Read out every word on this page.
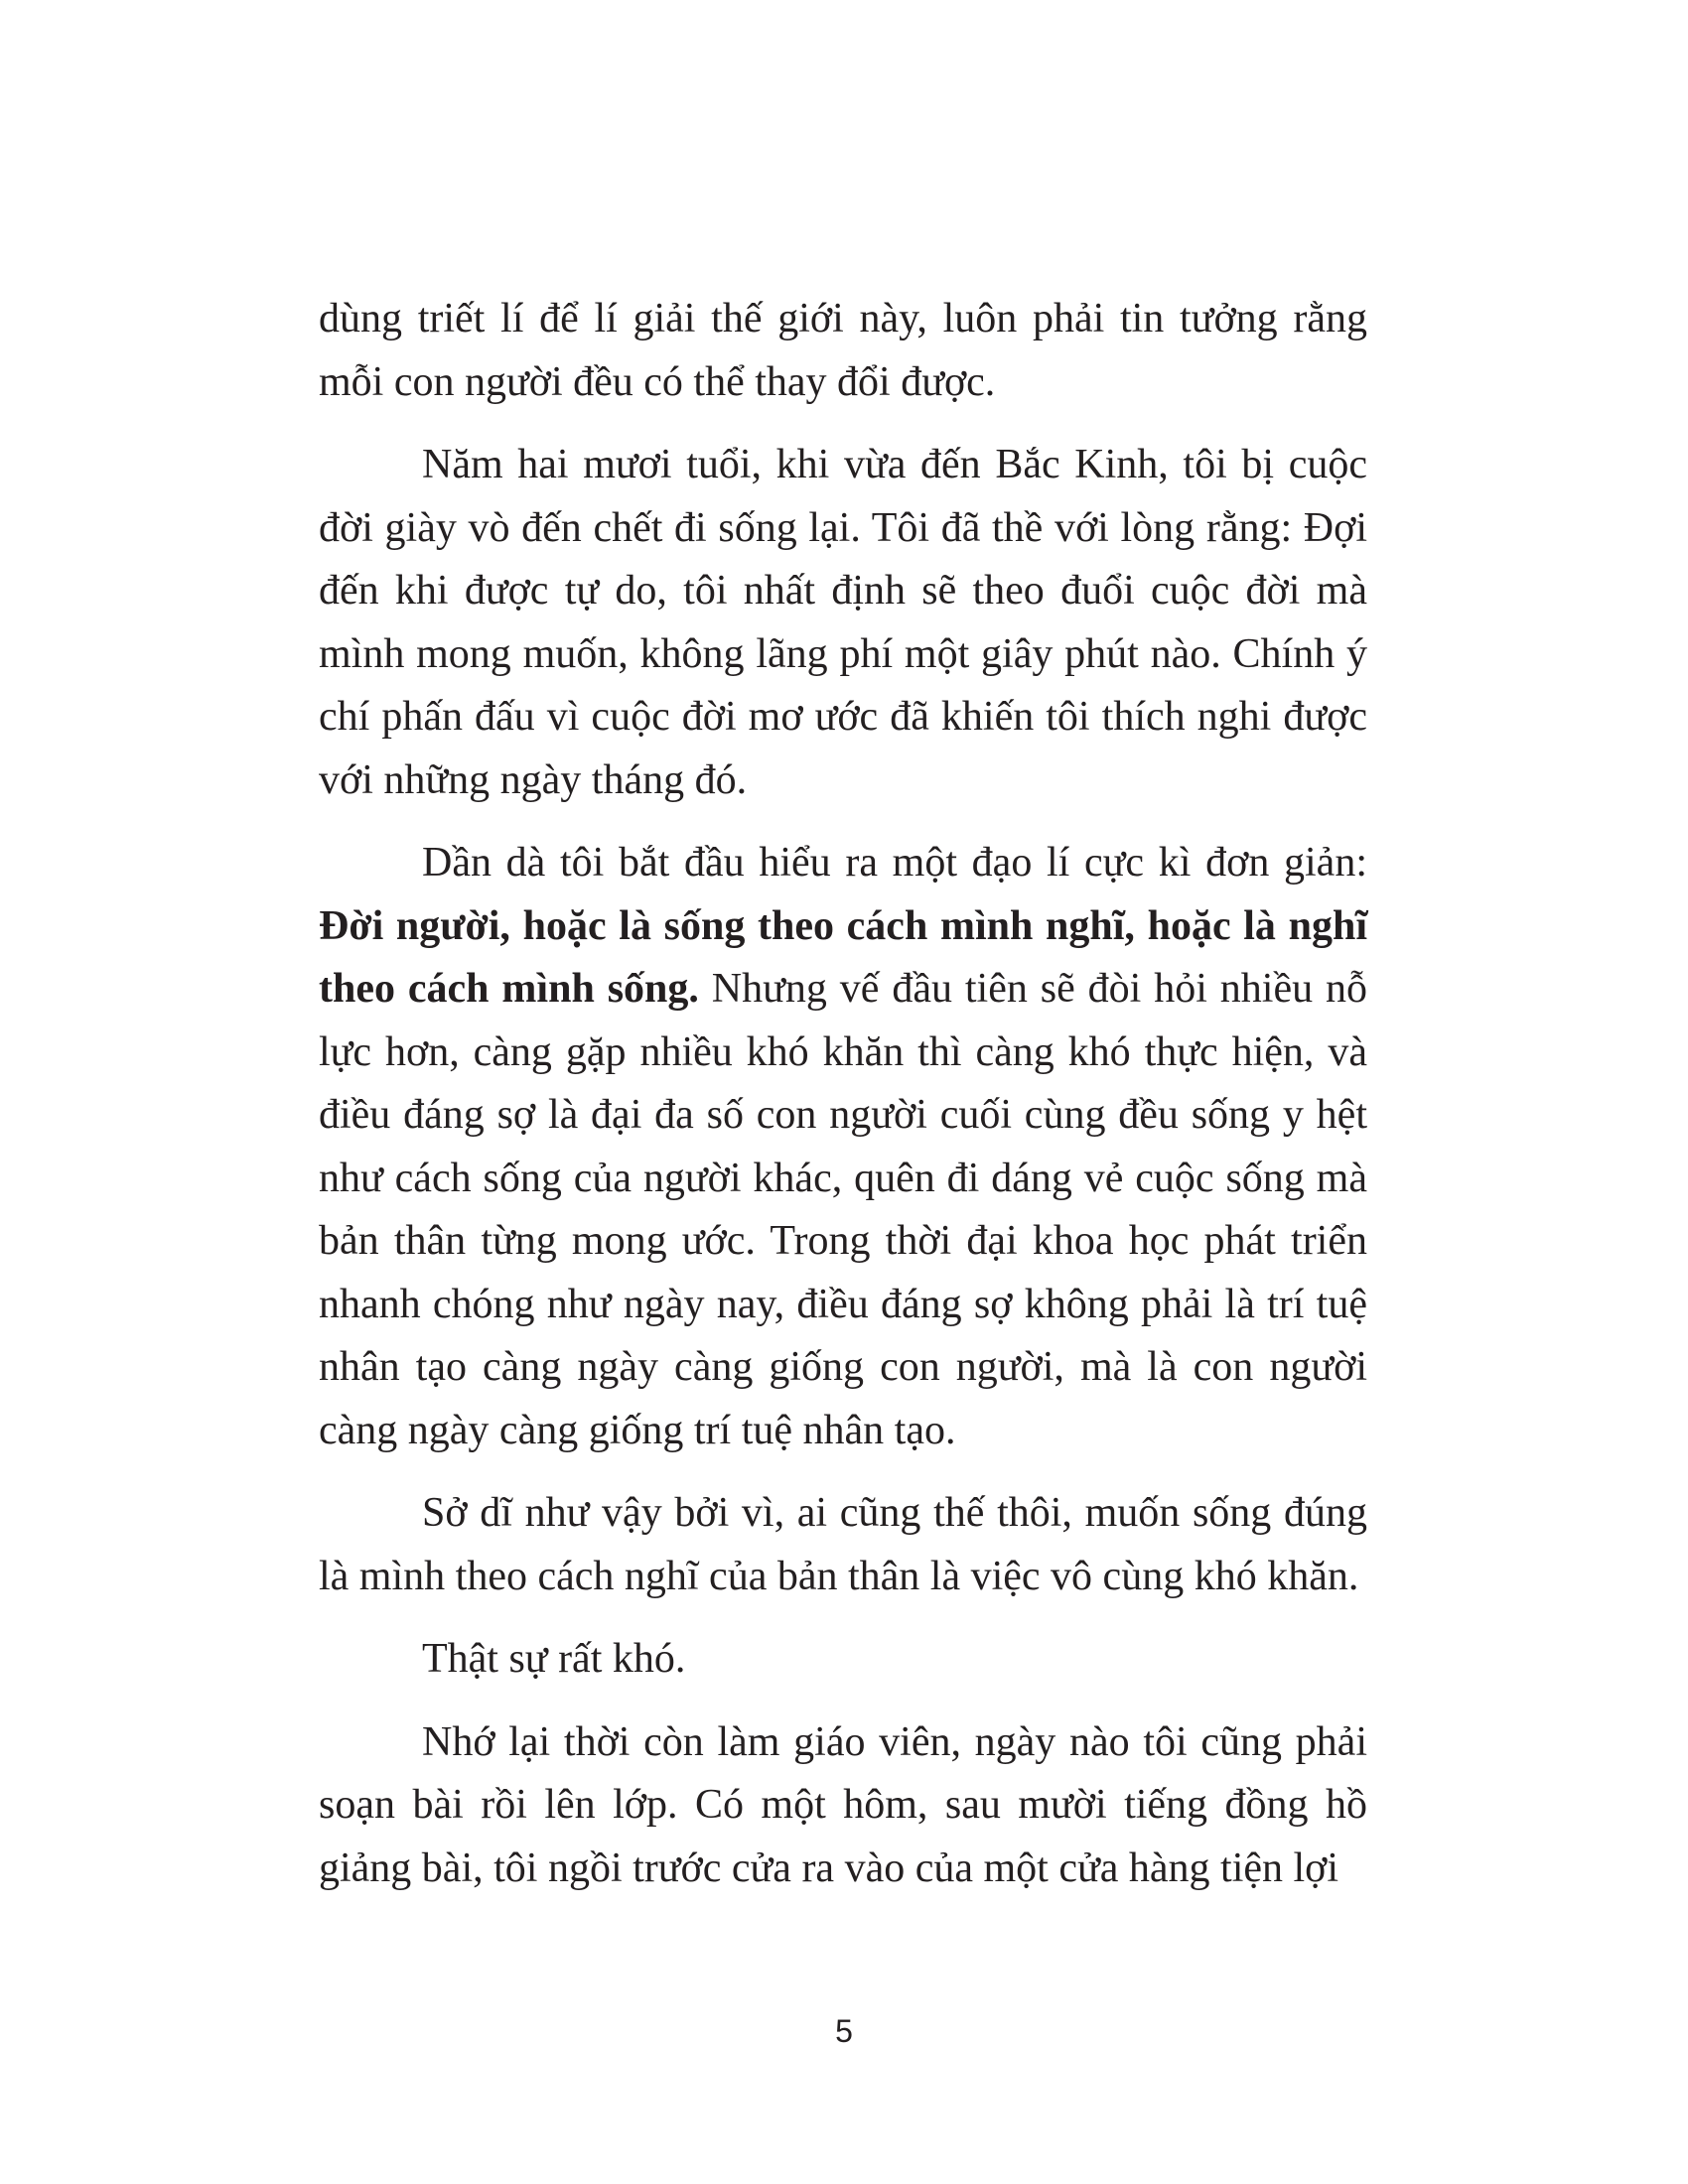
dùng triết lí để lí giải thế giới này, luôn phải tin tưởng rằng mỗi con người đều có thể thay đổi được.

Năm hai mươi tuổi, khi vừa đến Bắc Kinh, tôi bị cuộc đời giày vò đến chết đi sống lại. Tôi đã thề với lòng rằng: Đợi đến khi được tự do, tôi nhất định sẽ theo đuổi cuộc đời mà mình mong muốn, không lãng phí một giây phút nào. Chính ý chí phấn đấu vì cuộc đời mơ ước đã khiến tôi thích nghi được với những ngày tháng đó.

Dần dà tôi bắt đầu hiểu ra một đạo lí cực kì đơn giản: Đời người, hoặc là sống theo cách mình nghĩ, hoặc là nghĩ theo cách mình sống. Nhưng vế đầu tiên sẽ đòi hỏi nhiều nỗ lực hơn, càng gặp nhiều khó khăn thì càng khó thực hiện, và điều đáng sợ là đại đa số con người cuối cùng đều sống y hệt như cách sống của người khác, quên đi dáng vẻ cuộc sống mà bản thân từng mong ước. Trong thời đại khoa học phát triển nhanh chóng như ngày nay, điều đáng sợ không phải là trí tuệ nhân tạo càng ngày càng giống con người, mà là con người càng ngày càng giống trí tuệ nhân tạo.

Sở dĩ như vậy bởi vì, ai cũng thế thôi, muốn sống đúng là mình theo cách nghĩ của bản thân là việc vô cùng khó khăn.

Thật sự rất khó.

Nhớ lại thời còn làm giáo viên, ngày nào tôi cũng phải soạn bài rồi lên lớp. Có một hôm, sau mười tiếng đồng hồ giảng bài, tôi ngồi trước cửa ra vào của một cửa hàng tiện lợi

5
